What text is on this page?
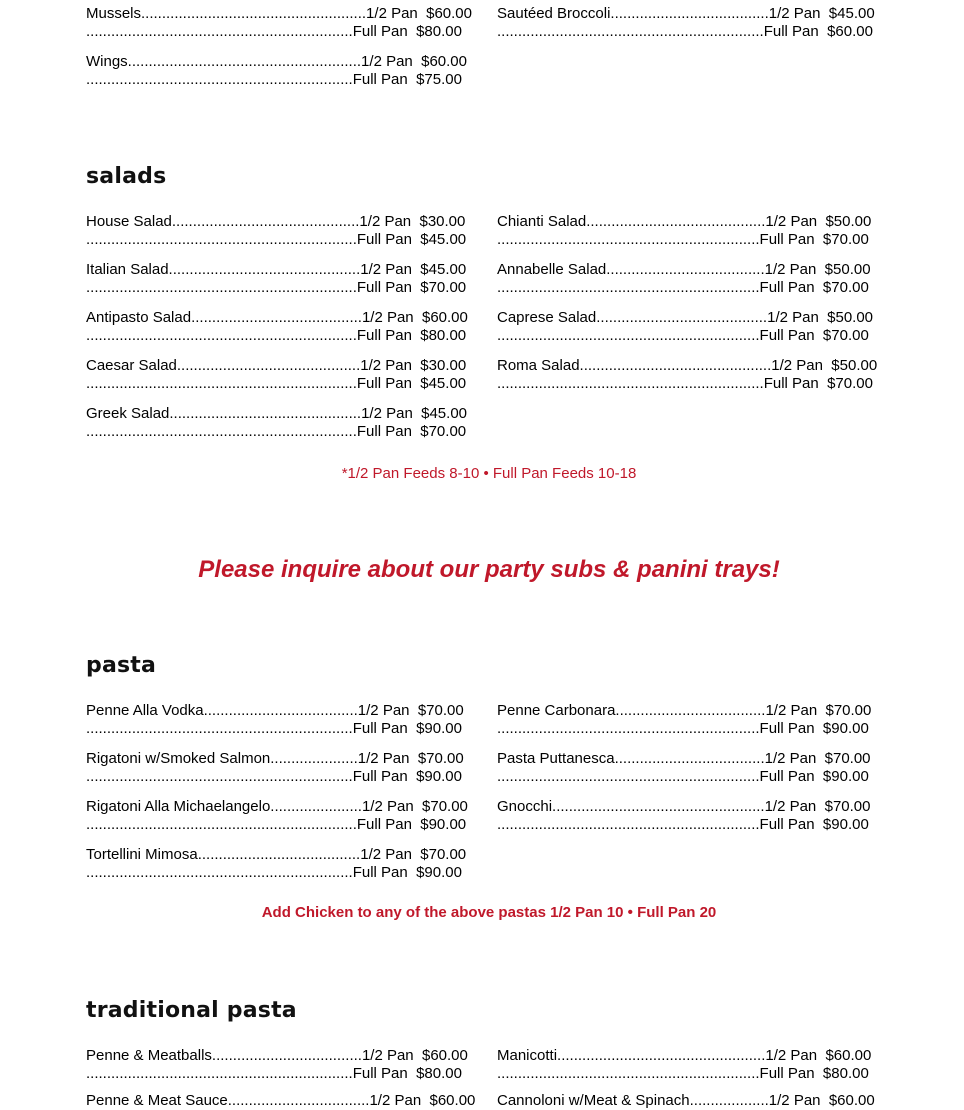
Mussels......................................................1/2 Pan  $60.00
................................................................Full Pan  $80.00
Wings........................................................1/2 Pan  $60.00
................................................................Full Pan  $75.00
Sautéed Broccoli......................................1/2 Pan  $45.00
................................................................Full Pan  $60.00
salads
House Salad.............................................1/2 Pan  $30.00
.................................................................Full Pan  $45.00
Italian Salad..............................................1/2 Pan  $45.00
.................................................................Full Pan  $70.00
Antipasto Salad.........................................1/2 Pan  $60.00
.................................................................Full Pan  $80.00
Caesar Salad............................................1/2 Pan  $30.00
.................................................................Full Pan  $45.00
Greek Salad..............................................1/2 Pan  $45.00
.................................................................Full Pan  $70.00
Chianti Salad...........................................1/2 Pan  $50.00
...............................................................Full Pan  $70.00
Annabelle Salad......................................1/2 Pan  $50.00
...............................................................Full Pan  $70.00
Caprese Salad.........................................1/2 Pan  $50.00
...............................................................Full Pan  $70.00
Roma Salad..............................................1/2 Pan  $50.00
................................................................Full Pan  $70.00
*1/2 Pan Feeds 8-10 • Full Pan Feeds 10-18
Please inquire about our party subs & panini trays!
pasta
Penne Alla Vodka.....................................1/2 Pan  $70.00
................................................................Full Pan  $90.00
Rigatoni w/Smoked Salmon.....................1/2 Pan  $70.00
................................................................Full Pan  $90.00
Rigatoni Alla Michaelangelo......................1/2 Pan  $70.00
.................................................................Full Pan  $90.00
Tortellini Mimosa.......................................1/2 Pan  $70.00
................................................................Full Pan  $90.00
Penne Carbonara....................................1/2 Pan  $70.00
...............................................................Full Pan  $90.00
Pasta Puttanesca....................................1/2 Pan  $70.00
...............................................................Full Pan  $90.00
Gnocchi...................................................1/2 Pan  $70.00
...............................................................Full Pan  $90.00
Add Chicken to any of the above pastas 1/2 Pan 10 • Full Pan 20
traditional pasta
Penne & Meatballs....................................1/2 Pan  $60.00
................................................................Full Pan  $80.00
Penne & Meat Sauce..................................1/2 Pan  $60.00
Manicotti..................................................1/2 Pan  $60.00
...............................................................Full Pan  $80.00
Cannoloni w/Meat & Spinach...................1/2 Pan  $60.00
